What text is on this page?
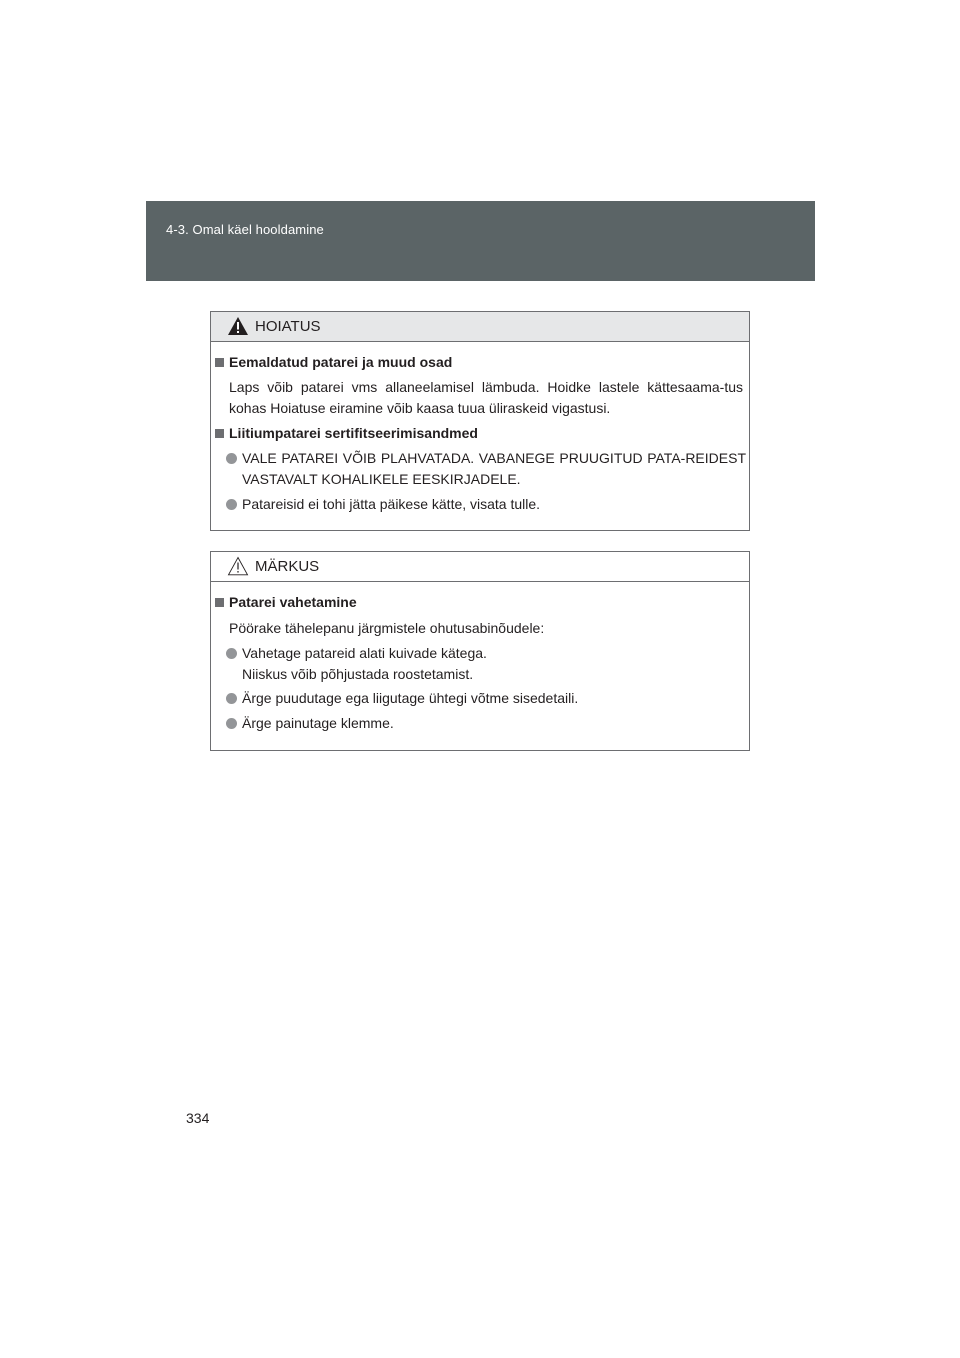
4-3. Omal käel hooldamine
HOIATUS
Eemaldatud patarei ja muud osad
Laps võib patarei vms allaneelamisel lämbuda. Hoidke lastele kättesaama-tus kohas Hoiatuse eiramine võib kaasa tuua üliraskeid vigastusi.
Liitiumpatarei sertifitseerimisandmed
VALE PATAREI VÕIB PLAHVATADA. VABANEGE PRUUGITUD PATA-REIDEST VASTAVALT KOHALIKELE EESKIRJADELE.
Patareisid ei tohi jätta päikese kätte, visata tulle.
MÄRKUS
Patarei vahetamine
Pöörake tähelepanu järgmistele ohutusabinõudele:
Vahetage patareid alati kuivade kätega.
Niiskus võib põhjustada roostetamist.
Ärge puudutage ega liigutage ühtegi võtme sisedetaili.
Ärge painutage klemme.
334
